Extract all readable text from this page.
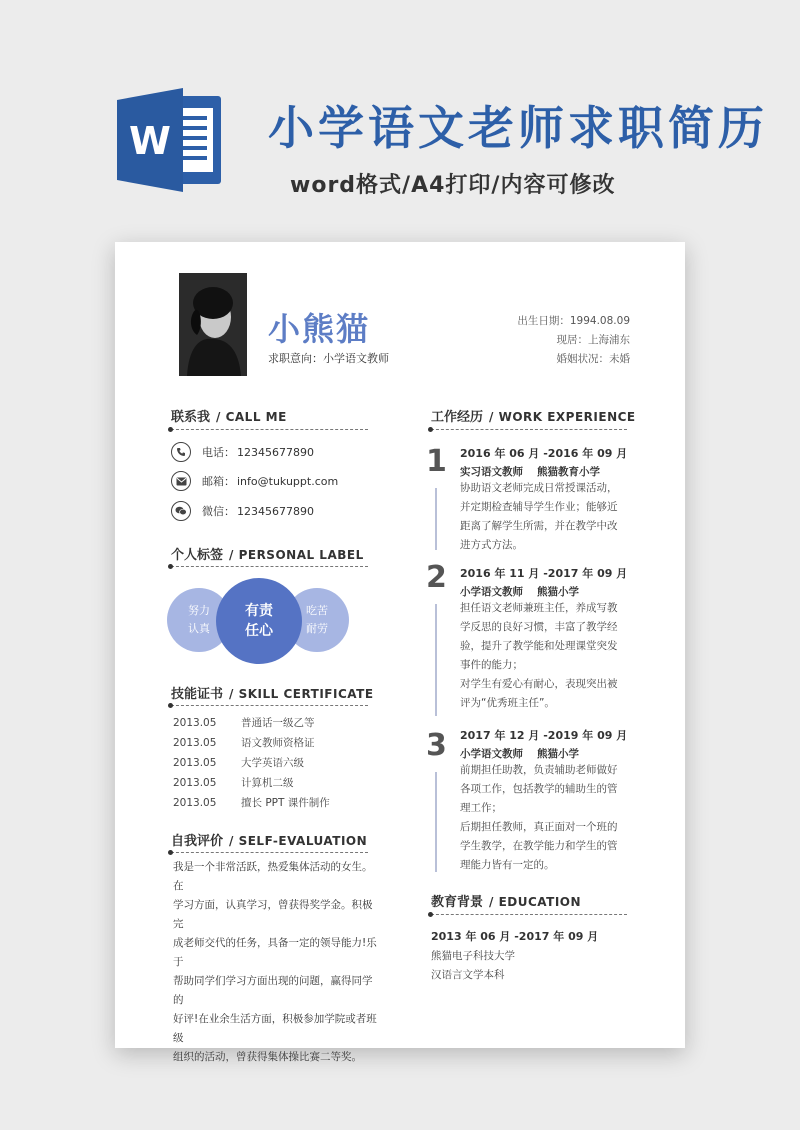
W 小学语文老师求职简历
word格式/A4打印/内容可修改
小熊猫
求职意向：小学语文教师
出生日期：1994.08.09
现居：上海浦东
婚姻状况：未婚
联系我 / CALL ME
电话： 12345677890
邮箱： info@tukuppt.com
微信： 12345677890
个人标签 / PERSONAL LABEL
努力
认真
吃苦
耐劳
有责
任心
技能证书 / SKILL CERTIFICATE
2013.05 普通话一级乙等
2013.05 语文教师资格证
2013.05 大学英语六级
2013.05 计算机二级
2013.05 擅长 PPT 课件制作
自我评价 / SELF-EVALUATION
我是一个非常活跃，热爱集体活动的女生。在
学习方面，认真学习，曾获得奖学金。积极完
成老师交代的任务，具备一定的领导能力!乐于
帮助同学们学习方面出现的问题，赢得同学的
好评!在业余生活方面，积极参加学院或者班级
组织的活动，曾获得集体操比赛二等奖。
工作经历 / WORK EXPERIENCE
1 2016 年 06 月 -2016 年 09 月
实习语文教师 熊猫教育小学
协助语文老师完成日常授课活动，
并定期检查辅导学生作业；能够近
距离了解学生所需，并在教学中改
进方式方法。
2 2016 年 11 月 -2017 年 09 月
小学语文教师 熊猫小学
担任语文老师兼班主任，养成写教
学反思的良好习惯，丰富了教学经
验，提升了教学能和处理课堂突发
事件的能力；
对学生有爱心有耐心，表现突出被
评为“优秀班主任”。
3 2017 年 12 月 -2019 年 09 月
小学语文教师 熊猫小学
前期担任助教，负责辅助老师做好
各项工作，包括教学的辅助生的管
理工作；
后期担任教师，真正面对一个班的
学生教学，在教学能力和学生的管
理能力皆有一定的。
教育背景 / EDUCATION
2013 年 06 月 -2017 年 09 月
熊猫电子科技大学
汉语言文学本科
